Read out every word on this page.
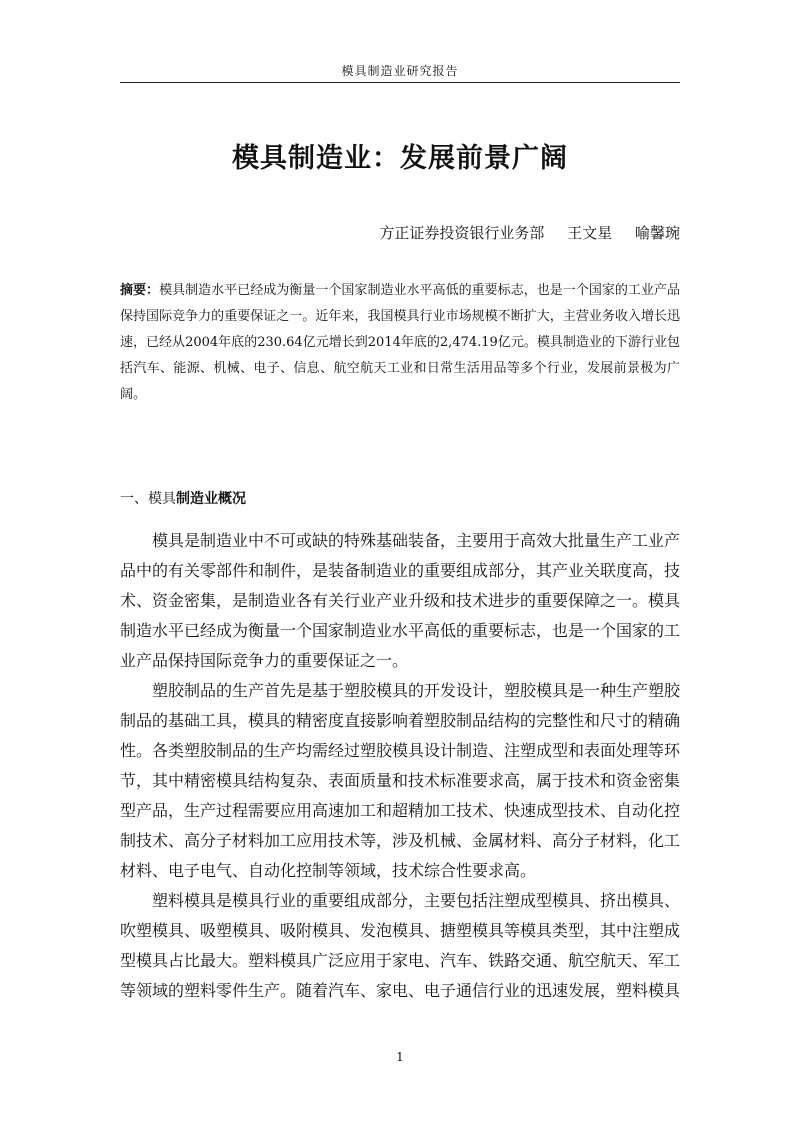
模具制造业研究报告
模具制造业：发展前景广阔
方正证券投资银行业务部 王文星 喻馨琬

摘要：模具制造水平已经成为衡量一个国家制造业水平高低的重要标志，也是一个国家的工业产品保持国际竞争力的重要保证之一。近年来，我国模具行业市场规模不断扩大，主营业务收入增长迅速，已经从2004年底的230.64亿元增长到2014年底的2,474.19亿元。模具制造业的下游行业包括汽车、能源、机械、电子、信息、航空航天工业和日常生活用品等多个行业，发展前景极为广阔。

一、模具制造业概况

模具是制造业中不可或缺的特殊基础装备，主要用于高效大批量生产工业产品中的有关零部件和制件，是装备制造业的重要组成部分，其产业关联度高，技术、资金密集，是制造业各有关行业产业升级和技术进步的重要保障之一。模具制造水平已经成为衡量一个国家制造业水平高低的重要标志，也是一个国家的工业产品保持国际竞争力的重要保证之一。

塑胶制品的生产首先是基于塑胶模具的开发设计，塑胶模具是一种生产塑胶制品的基础工具，模具的精密度直接影响着塑胶制品结构的完整性和尺寸的精确性。各类塑胶制品的生产均需经过塑胶模具设计制造、注塑成型和表面处理等环节，其中精密模具结构复杂、表面质量和技术标准要求高，属于技术和资金密集型产品，生产过程需要应用高速加工和超精加工技术、快速成型技术、自动化控制技术、高分子材料加工应用技术等，涉及机械、金属材料、高分子材料，化工材料、电子电气、自动化控制等领域，技术综合性要求高。

塑料模具是模具行业的重要组成部分，主要包括注塑成型模具、挤出模具、吹塑模具、吸塑模具、吸附模具、发泡模具、搪塑模具等模具类型，其中注塑成型模具占比最大。塑料模具广泛应用于家电、汽车、铁路交通、航空航天、军工等领域的塑料零件生产。随着汽车、家电、电子通信行业的迅速发展，塑料模具

1
